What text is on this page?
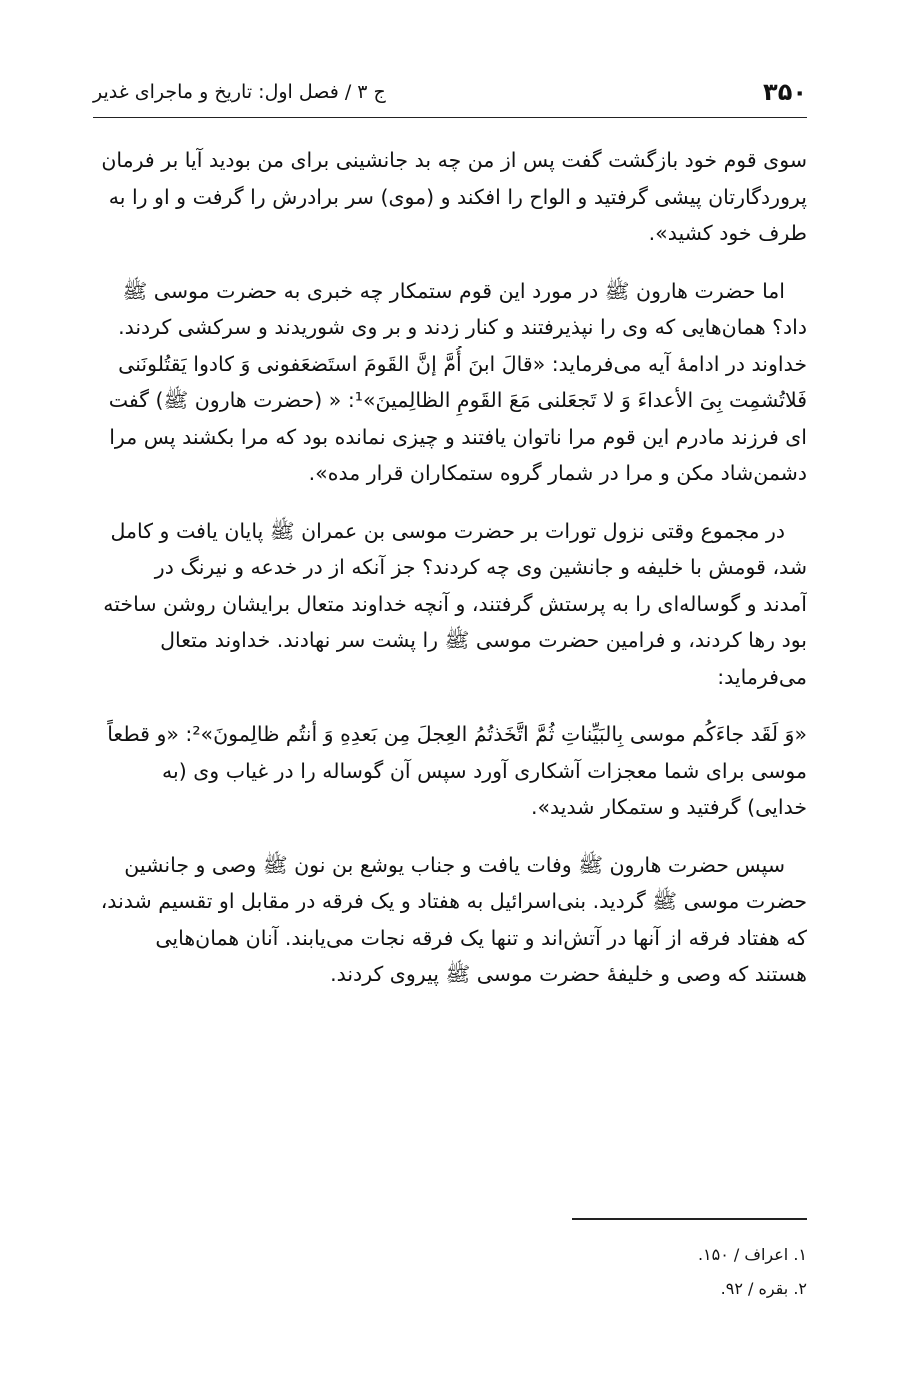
۳۵۰
ج ۳ / فصل اول: تاریخ و ماجرای غدیر

سوی قوم خود بازگشت گفت پس از من چه بد جانشینی برای من بودید آیا بر فرمان
پروردگارتان پیشی گرفتید و الواح را افکند و (موی) سر برادرش را گرفت و او را به
طرف خود کشید».

اما حضرت هارون ﷺ در مورد این قوم ستمکار چه خبری به حضرت موسی ﷺ
داد؟ همان‌هایی که وی را نپذیرفتند و کنار زدند و بر وی شوریدند و سرکشی کردند.
خداوند در ادامهٔ آیه می‌فرماید: «قالَ ابنَ أُمَّ إنَّ القَومَ استَضعَفونی وَ کادوا یَقتُلونَنی
فَلاتُشمِت بِیَ الأعداءَ وَ لا تَجعَلنی مَعَ القَومِ الظالِمینَ»¹: « (حضرت هارون ﷺ) گفت
ای فرزند مادرم این قوم مرا ناتوان یافتند و چیزی نمانده بود که مرا بکشند پس مرا
دشمن‌شاد مکن و مرا در شمار گروه ستمکاران قرار مده».

در مجموع وقتی نزول تورات بر حضرت موسی بن عمران ﷺ پایان یافت و کامل
شد، قومش با خلیفه و جانشین وی چه کردند؟ جز آنکه از در خدعه و نیرنگ در
آمدند و گوساله‌ای را به پرستش گرفتند، و آنچه خداوند متعال برایشان روشن ساخته
بود رها کردند، و فرامین حضرت موسی ﷺ را پشت سر نهادند. خداوند متعال
می‌فرماید:

«وَ لَقَد جاءَکُم موسی بِالبَیِّناتِ ثُمَّ اتَّخَذتُمُ العِجلَ مِن بَعدِهِ وَ أنتُم ظالِمونَ»²: «و قطعاً
موسی برای شما معجزات آشکاری آورد سپس آن گوساله را در غیاب وی (به
خدایی) گرفتید و ستمکار شدید».

سپس حضرت هارون ﷺ وفات یافت و جناب یوشع بن نون ﷺ وصی و جانشین
حضرت موسی ﷺ گردید. بنی‌اسرائیل به هفتاد و یک فرقه در مقابل او تقسیم شدند،
که هفتاد فرقه از آنها در آتش‌اند و تنها یک فرقه نجات می‌یابند. آنان همان‌هایی
هستند که وصی و خلیفهٔ حضرت موسی ﷺ پیروی کردند.

۱. اعراف / ۱۵۰.
۲. بقره / ۹۲.
